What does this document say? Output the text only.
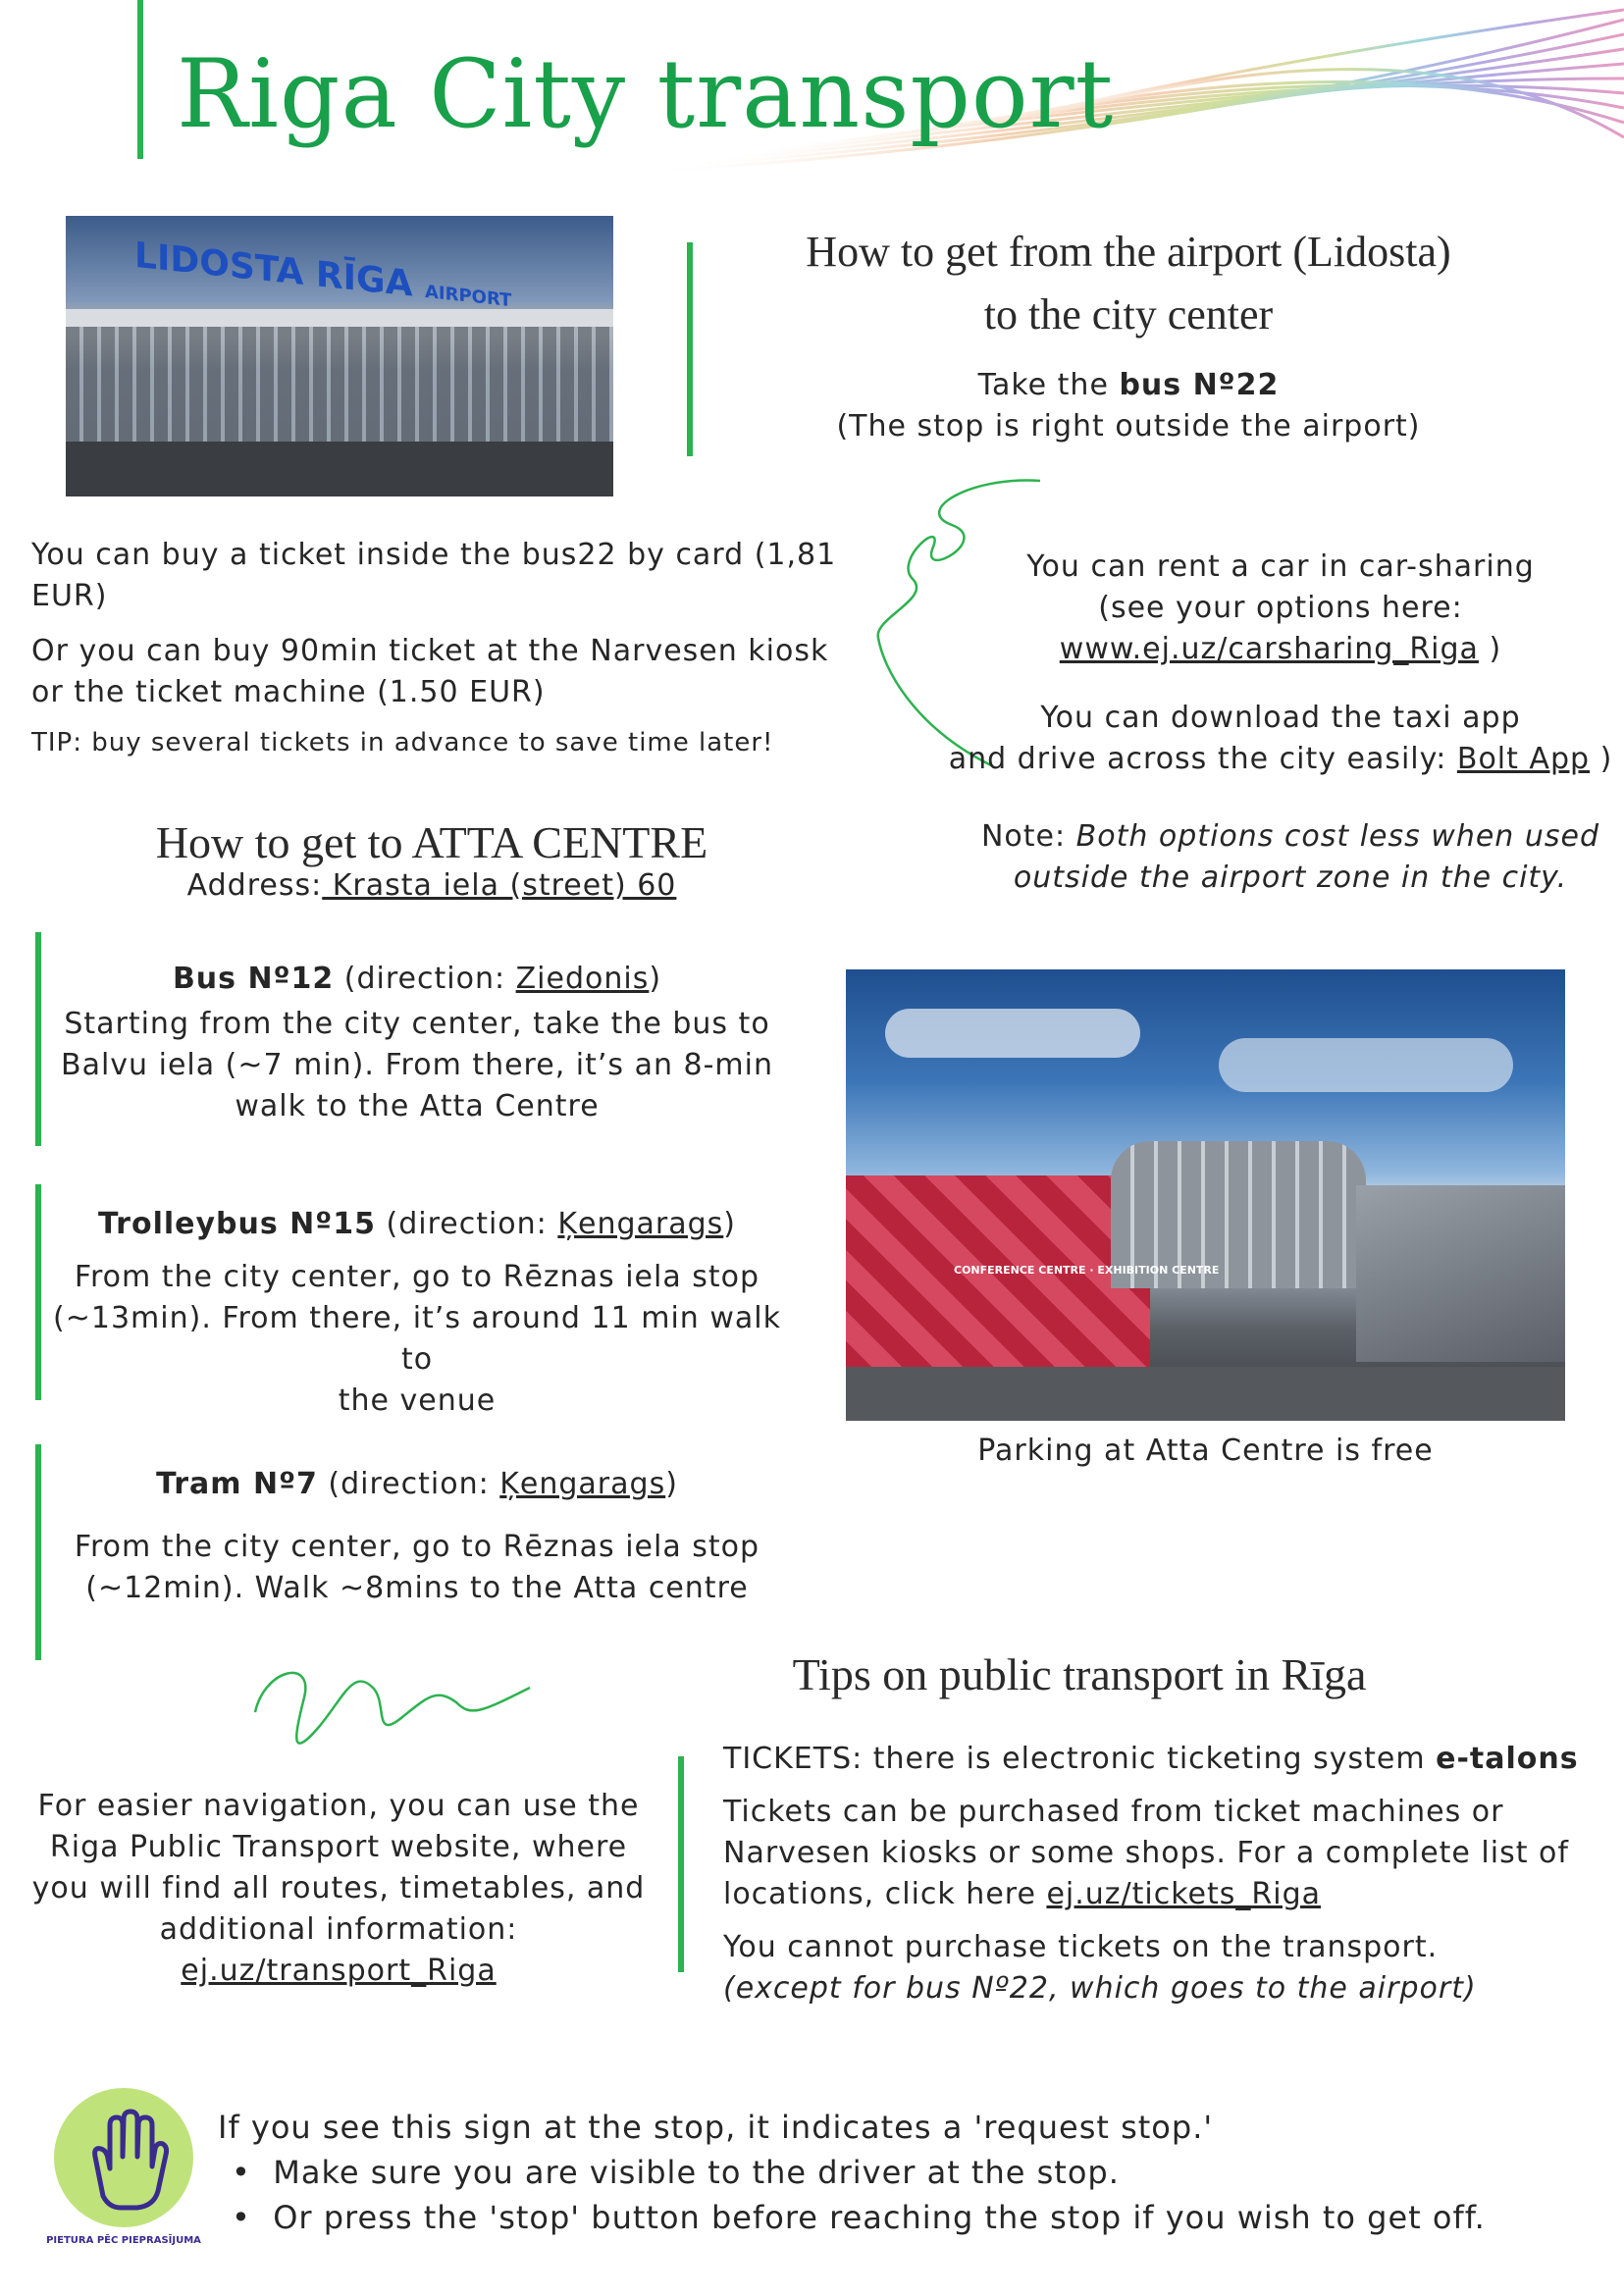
Riga City transport
LIDOSTA RĪGA AIRPORT
How to get from the airport (Lidosta)
to the city center
Take the bus Nº22
(The stop is right outside the airport)
You can buy a ticket inside the bus22 by card (1,81 EUR)
Or you can buy 90min ticket at the Narvesen kiosk
or the ticket machine (1.50 EUR)
TIP: buy several tickets in advance to save time later!
You can rent a car in car-sharing
(see your options here:
www.ej.uz/carsharing_Riga )
You can download the taxi app
and drive across the city easily: Bolt App )
Note: Both options cost less when used
outside the airport zone in the city.
How to get to ATTA CENTRE
Address: Krasta iela (street) 60
Bus Nº12 (direction: Ziedonis)
Starting from the city center, take the bus to
Balvu iela (~7 min). From there, it’s an 8-min
walk to the Atta Centre
Trolleybus Nº15 (direction: Ķengarags)
From the city center, go to Rēznas iela stop
(~13min). From there, it’s around 11 min walk to
the venue
Tram Nº7 (direction: Ķengarags)
From the city center, go to Rēznas iela stop
(~12min). Walk ~8mins to the Atta centre
CONFERENCE CENTRE · EXHIBITION CENTRE
Parking at Atta Centre is free
For easier navigation, you can use the
Riga Public Transport website, where
you will find all routes, timetables, and
additional information:
ej.uz/transport_Riga
Tips on public transport in Rīga
TICKETS: there is electronic ticketing system e-talons
Tickets can be purchased from ticket machines or
Narvesen kiosks or some shops. For a complete list of
locations, click here ej.uz/tickets_Riga
You cannot purchase tickets on the transport.
(except for bus Nº22, which goes to the airport)
PIETURA PĒC PIEPRASĪJUMA
If you see this sign at the stop, it indicates a 'request stop.'
•  Make sure you are visible to the driver at the stop.
•  Or press the 'stop' button before reaching the stop if you wish to get off.
